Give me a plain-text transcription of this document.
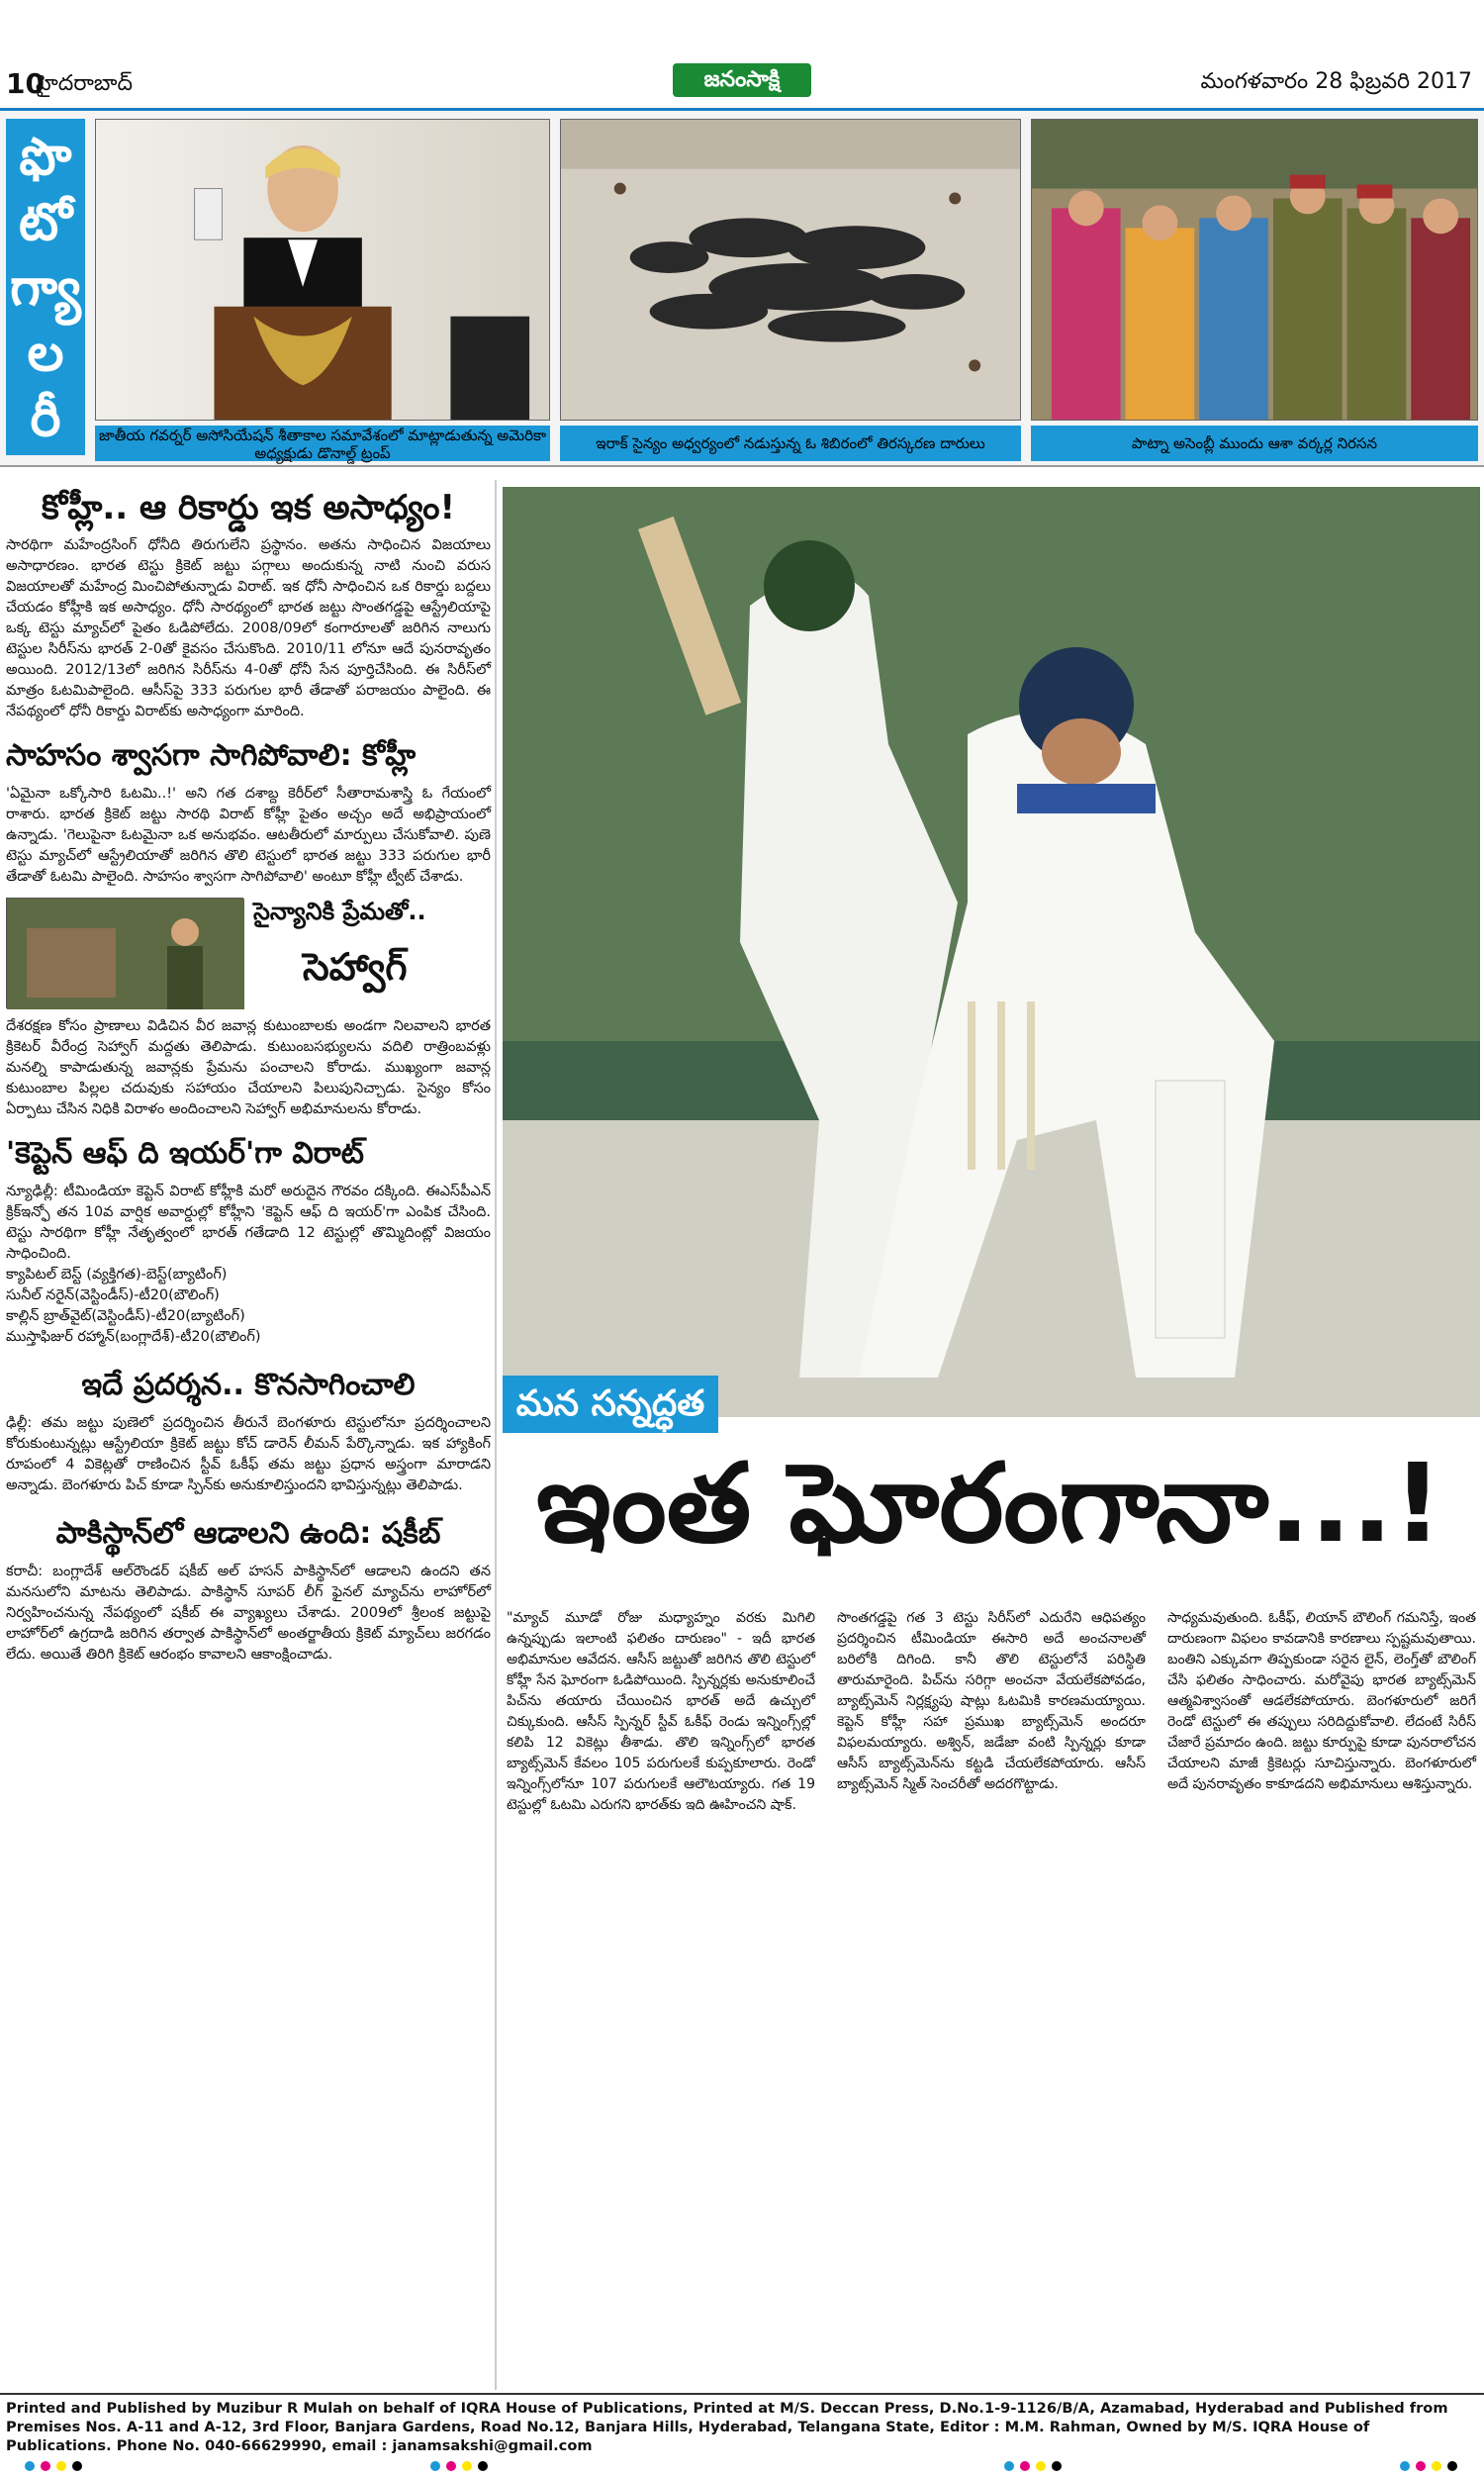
10
హైదరాబాద్	జనంసాక్షి	మంగళవారం 28 ఫిబ్రవరి 2017
ఫొ టో గ్యా ల రీ	జాతీయ గవర్నర్ అసోసియేషన్ శీతాకాల సమావేశంలో మాట్లాడుతున్న అమెరికా అధ్యక్షుడు డొనాల్డ్ ట్రంప్
ఇరాక్ సైన్యం అధ్వర్యంలో నడుస్తున్న ఓ శిబిరంలో తిరస్కరణ దారులు	పాట్నా అసెంబ్లీ ముందు ఆశా వర్కర్ల నిరసన
కోహ్లీ.. ఆ రికార్డు ఇక అసాధ్యం!

సారథిగా మహేంద్రసింగ్ ధోనీది తిరుగులేని ప్రస్థానం. అతను సాధించిన విజయాలు అసాధారణం. భారత టెస్టు క్రికెట్ జట్టు పగ్గాలు అందుకున్న నాటి నుంచి వరుస విజయాలతో మహేంద్ర మించిపోతున్నాడు విరాట్. ఇక ధోనీ సాధించిన ఒక రికార్డు బద్దలు చేయడం కోహ్లీకి ఇక అసాధ్యం. ధోనీ సారథ్యంలో భారత జట్టు సొంతగడ్డపై ఆస్ట్రేలియాపై ఒక్క టెస్టు మ్యాచ్‌లో పైతం ఓడిపోలేదు. 2008/09లో కంగారూలతో జరిగిన నాలుగు టెస్టుల సిరీస్‌ను భారత్ 2-0తో కైవసం చేసుకొంది. 2010/11 లోనూ ఆదే పునరావృతం అయింది. 2012/13లో జరిగిన సిరీస్‌ను 4-0తో ధోనీ సేన పూర్తిచేసింది. ఈ సిరీస్‌లో మాత్రం ఓటమిపాలైంది. ఆసీస్‌పై 333 పరుగుల భారీ తేడాతో పరాజయం పాలైంది. ఈ నేపథ్యంలో ధోనీ రికార్డు విరాట్‌కు అసాధ్యంగా మారింది.

సాహసం శ్వాసగా సాగిపోవాలి: కోహ్లీ

'ఏమైనా ఒక్కోసారి ఓటమి..!' అని గత దశాబ్ద కెరీర్‌లో సీతారామశాస్త్రి ఓ గేయంలో రాశారు. భారత క్రికెట్ జట్టు సారథి విరాట్ కోహ్లీ పైతం అచ్చం అదే అభిప్రాయంలో ఉన్నాడు. 'గెలుపైనా ఓటమైనా ఒక అనుభవం. ఆటతీరులో మార్పులు చేసుకోవాలి. పుణె టెస్టు మ్యాచ్‌లో ఆస్ట్రేలియాతో జరిగిన తొలి టెస్టులో భారత జట్టు 333 పరుగుల భారీ తేడాతో ఓటమి పాలైంది. సాహసం శ్వాసగా సాగిపోవాలి' అంటూ కోహ్లీ ట్వీట్ చేశాడు.

సైన్యానికి ప్రేమతో..
సెహ్వాగ్

దేశరక్షణ కోసం ప్రాణాలు విడిచిన వీర జవాన్ల కుటుంబాలకు అండగా నిలవాలని భారత క్రికెటర్ వీరేంద్ర సెహ్వాగ్ మద్దతు తెలిపాడు. కుటుంబసభ్యులను వదిలి రాత్రింబవళ్లు మనల్ని కాపాడుతున్న జవాన్లకు ప్రేమను పంచాలని కోరాడు. ముఖ్యంగా జవాన్ల కుటుంబాల పిల్లల చదువుకు సహాయం చేయాలని పిలుపునిచ్చాడు. సైన్యం కోసం ఏర్పాటు చేసిన నిధికి విరాళం అందించాలని సెహ్వాగ్ అభిమానులను కోరాడు.

'కెప్టెన్ ఆఫ్ ది ఇయర్'గా విరాట్

న్యూఢిల్లీ: టీమిండియా కెప్టెన్ విరాట్ కోహ్లీకి మరో అరుదైన గౌరవం దక్కింది. ఈఎస్‌పీఎన్ క్రిక్‌ఇన్ఫో తన 10వ వార్షిక అవార్డుల్లో కోహ్లీని 'కెప్టెన్ ఆఫ్ ది ఇయర్'గా ఎంపిక చేసింది. టెస్టు సారథిగా కోహ్లీ నేతృత్వంలో భారత్ గతేడాది 12 టెస్టుల్లో తొమ్మిదింట్లో విజయం సాధించింది.

క్యాపిటల్ బెస్ట్ (వ్యక్తిగత)-బెస్ట్(బ్యాటింగ్)
సునీల్ నరైన్(వెస్టిండీస్)-టీ20(బౌలింగ్)
కాల్లిన్ బ్రాత్‌వైట్(వెస్టిండీస్)-టీ20(బ్యాటింగ్)
ముస్తాఫిజుర్ రహ్మాన్(బంగ్లాదేశ్)-టీ20(బౌలింగ్)
ఇదే ప్రదర్శన.. కొనసాగించాలి

ఢిల్లీ: తమ జట్టు పుణెలో ప్రదర్శించిన తీరునే బెంగళూరు టెస్టులోనూ ప్రదర్శించాలని కోరుకుంటున్నట్లు ఆస్ట్రేలియా క్రికెట్ జట్టు కోచ్ డారెన్ లీమన్ పేర్కొన్నాడు. ఇక హ్యాకింగ్ రూపంలో 4 వికెట్లతో రాణించిన స్టీవ్ ఓకీఫ్ తమ జట్టు ప్రధాన అస్త్రంగా మారాడని అన్నాడు. బెంగళూరు పిచ్ కూడా స్పిన్‌కు అనుకూలిస్తుందని భావిస్తున్నట్లు తెలిపాడు.

పాకిస్థాన్‌లో ఆడాలని ఉంది: షకీబ్

కరాచీ: బంగ్లాదేశ్ ఆల్‌రౌండర్ షకీబ్ అల్ హసన్ పాకిస్థాన్‌లో ఆడాలని ఉందని తన మనసులోని మాటను తెలిపాడు. పాకిస్థాన్ సూపర్ లీగ్ ఫైనల్ మ్యాచ్‌ను లాహోర్‌లో నిర్వహించనున్న నేపథ్యంలో షకీబ్ ఈ వ్యాఖ్యలు చేశాడు. 2009లో శ్రీలంక జట్టుపై లాహోర్‌లో ఉగ్రదాడి జరిగిన తర్వాత పాకిస్థాన్‌లో అంతర్జాతీయ క్రికెట్ మ్యాచ్‌లు జరగడం లేదు. అయితే తిరిగి క్రికెట్ ఆరంభం కావాలని ఆకాంక్షించాడు.

మన సన్నద్ధత
ఇంత ఘోరంగానా...!

"మ్యాచ్ మూడో రోజు మధ్యాహ్నం వరకు మిగిలి ఉన్నప్పుడు ఇలాంటి ఫలితం దారుణం" - ఇదీ భారత అభిమానుల ఆవేదన. ఆసీస్ జట్టుతో జరిగిన తొలి టెస్టులో కోహ్లీ సేన ఘోరంగా ఓడిపోయింది. స్పిన్నర్లకు అనుకూలించే పిచ్‌ను తయారు చేయించిన భారత్ అదే ఉచ్చులో చిక్కుకుంది. ఆసీస్ స్పిన్నర్ స్టీవ్ ఓకీఫ్ రెండు ఇన్నింగ్స్‌ల్లో కలిపి 12 వికెట్లు తీశాడు. తొలి ఇన్నింగ్స్‌లో భారత బ్యాట్స్‌మెన్ కేవలం 105 పరుగులకే కుప్పకూలారు. రెండో ఇన్నింగ్స్‌లోనూ 107 పరుగులకే ఆలౌటయ్యారు. గత 19 టెస్టుల్లో ఓటమి ఎరుగని భారత్‌కు ఇది ఊహించని షాక్.

సొంతగడ్డపై గత 3 టెస్టు సిరీస్‌లో ఎదురేని ఆధిపత్యం ప్రదర్శించిన టీమిండియా ఈసారి అదే అంచనాలతో బరిలోకి దిగింది. కానీ తొలి టెస్టులోనే పరిస్థితి తారుమారైంది. పిచ్‌ను సరిగ్గా అంచనా వేయలేకపోవడం, బ్యాట్స్‌మెన్ నిర్లక్ష్యపు షాట్లు ఓటమికి కారణమయ్యాయి. కెప్టెన్ కోహ్లీ సహా ప్రముఖ బ్యాట్స్‌మెన్ అందరూ విఫలమయ్యారు. అశ్విన్, జడేజా వంటి స్పిన్నర్లు కూడా ఆసీస్ బ్యాట్స్‌మెన్‌ను కట్టడి చేయలేకపోయారు. ఆసీస్ బ్యాట్స్‌మెన్ స్మిత్ సెంచరీతో అదరగొట్టాడు.

సాధ్యమవుతుంది. ఓకీఫ్, లియాన్ బౌలింగ్ గమనిస్తే, ఇంత దారుణంగా విఫలం కావడానికి కారణాలు స్పష్టమవుతాయి. బంతిని ఎక్కువగా తిప్పకుండా సరైన లైన్, లెంగ్త్‌తో బౌలింగ్ చేసి ఫలితం సాధించారు. మరోవైపు భారత బ్యాట్స్‌మెన్ ఆత్మవిశ్వాసంతో ఆడలేకపోయారు. బెంగళూరులో జరిగే రెండో టెస్టులో ఈ తప్పులు సరిదిద్దుకోవాలి. లేదంటే సిరీస్ చేజారే ప్రమాదం ఉంది. జట్టు కూర్పుపై కూడా పునరాలోచన చేయాలని మాజీ క్రికెటర్లు సూచిస్తున్నారు. బెంగళూరులో అదే పునరావృతం కాకూడదని అభిమానులు ఆశిస్తున్నారు.

Printed and Published by Muzibur R Mulah on behalf of IQRA House of Publications, Printed at M/S. Deccan Press, D.No.1-9-1126/B/A, Azamabad, Hyderabad and Published from Premises Nos. A-11 and A-12, 3rd Floor, Banjara Gardens, Road No.12, Banjara Hills, Hyderabad, Telangana State, Editor : M.M. Rahman, Owned by M/S. IQRA House of Publications. Phone No. 040-66629990, email : janamsakshi@gmail.com
